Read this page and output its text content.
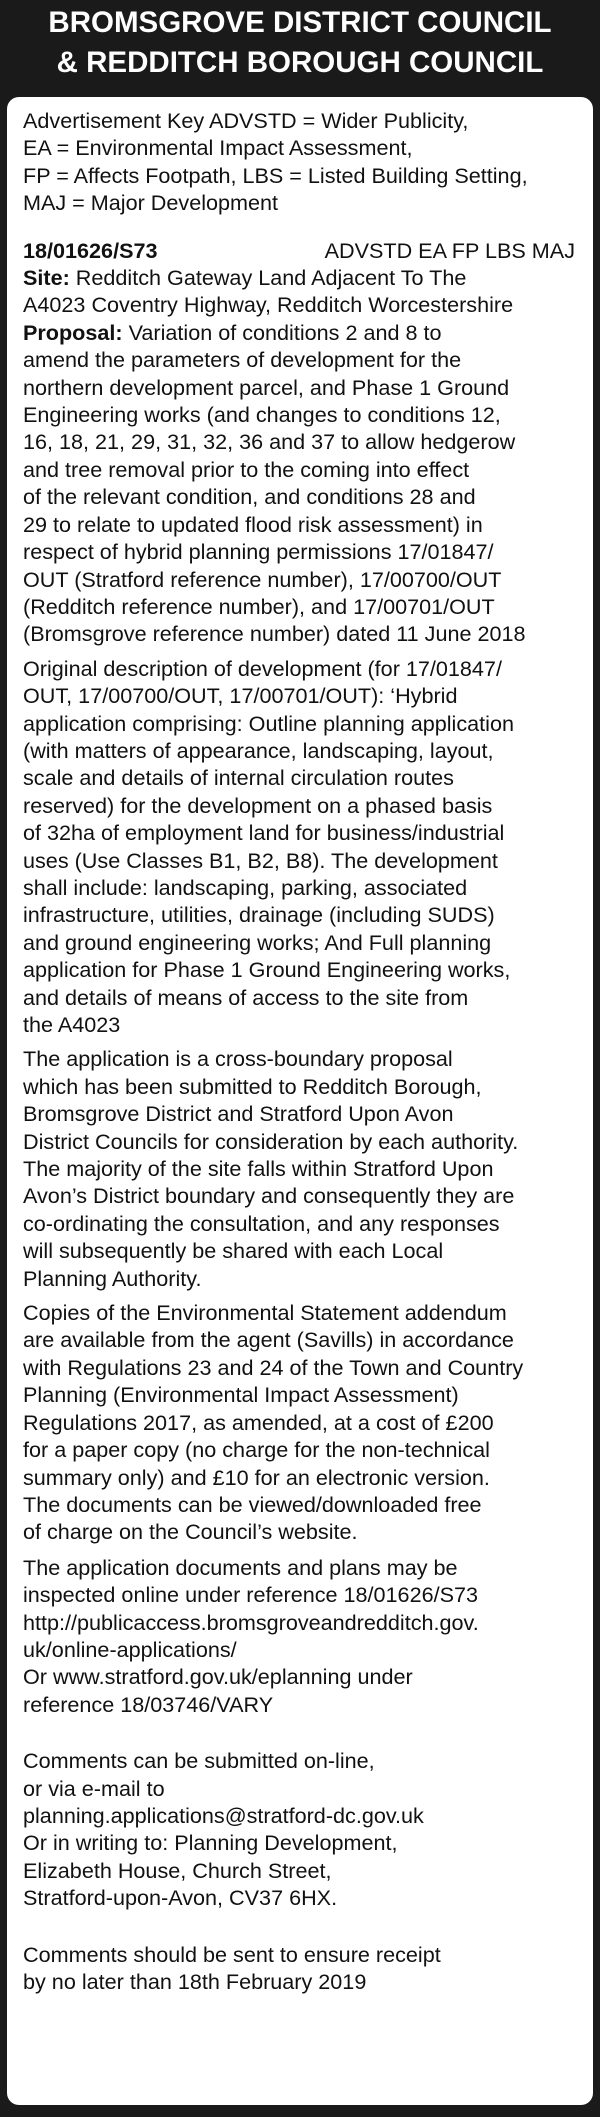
BROMSGROVE DISTRICT COUNCIL
& REDDITCH BOROUGH COUNCIL

Advertisement Key ADVSTD = Wider Publicity,
EA = Environmental Impact Assessment,
FP = Affects Footpath, LBS = Listed Building Setting,
MAJ = Major Development

18/01626/S73	ADVSTD EA FP LBS MAJ
Site: Redditch Gateway Land Adjacent To The
A4023 Coventry Highway, Redditch Worcestershire
Proposal: Variation of conditions 2 and 8 to
amend the parameters of development for the
northern development parcel, and Phase 1 Ground
Engineering works (and changes to conditions 12,
16, 18, 21, 29, 31, 32, 36 and 37 to allow hedgerow
and tree removal prior to the coming into effect
of the relevant condition, and conditions 28 and
29 to relate to updated flood risk assessment) in
respect of hybrid planning permissions 17/01847/
OUT (Stratford reference number), 17/00700/OUT
(Redditch reference number), and 17/00701/OUT
(Bromsgrove reference number) dated 11 June 2018

Original description of development (for 17/01847/
OUT, 17/00700/OUT, 17/00701/OUT): ‘Hybrid
application comprising: Outline planning application
(with matters of appearance, landscaping, layout,
scale and details of internal circulation routes
reserved) for the development on a phased basis
of 32ha of employment land for business/industrial
uses (Use Classes B1, B2, B8). The development
shall include: landscaping, parking, associated
infrastructure, utilities, drainage (including SUDS)
and ground engineering works; And Full planning
application for Phase 1 Ground Engineering works,
and details of means of access to the site from
the A4023

The application is a cross-boundary proposal
which has been submitted to Redditch Borough,
Bromsgrove District and Stratford Upon Avon
District Councils for consideration by each authority.
The majority of the site falls within Stratford Upon
Avon’s District boundary and consequently they are
co-ordinating the consultation, and any responses
will subsequently be shared with each Local
Planning Authority.

Copies of the Environmental Statement addendum
are available from the agent (Savills) in accordance
with Regulations 23 and 24 of the Town and Country
Planning (Environmental Impact Assessment)
Regulations 2017, as amended, at a cost of £200
for a paper copy (no charge for the non-technical
summary only) and £10 for an electronic version.
The documents can be viewed/downloaded free
of charge on the Council’s website.

The application documents and plans may be
inspected online under reference 18/01626/S73
http://publicaccess.bromsgroveandredditch.gov.
uk/online-applications/
Or www.stratford.gov.uk/eplanning under
reference 18/03746/VARY

Comments can be submitted on-line,
or via e-mail to
planning.applications@stratford-dc.gov.uk
Or in writing to: Planning Development,
Elizabeth House, Church Street,
Stratford-upon-Avon, CV37 6HX.

Comments should be sent to ensure receipt
by no later than 18th February 2019
